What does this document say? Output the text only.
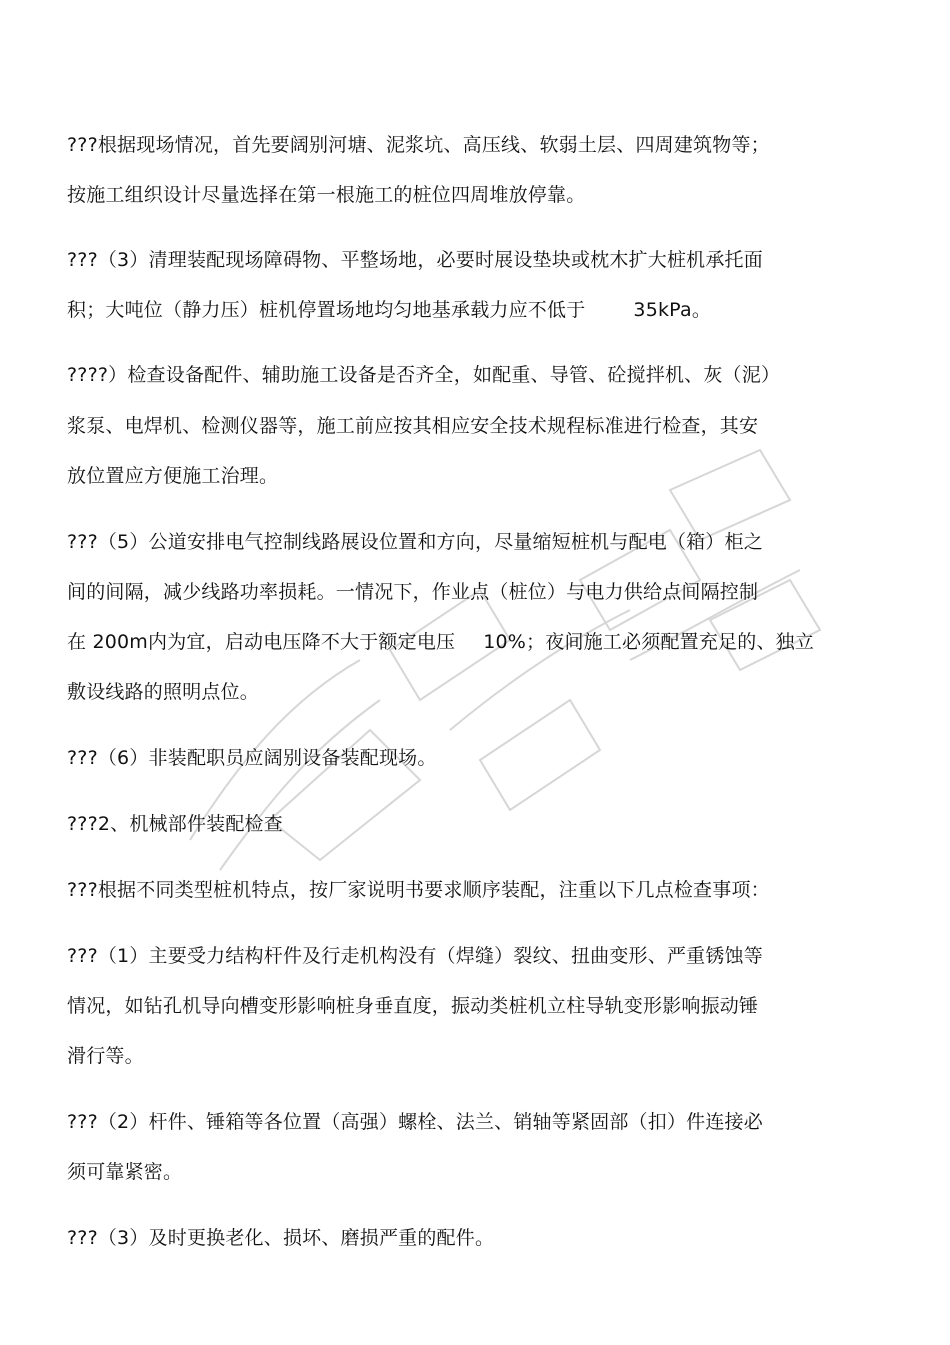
???根据现场情况，首先要阔别河塘、泥浆坑、高压线、软弱土层、四周建筑物等；
按施工组织设计尽量选择在第一根施工的桩位四周堆放停靠。
???（3）清理装配现场障碍物、平整场地，必要时展设垫块或枕木扩大桩机承托面
积；大吨位（静力压）桩机停置场地均匀地基承载力应不低于	35kPa。
????）检查设备配件、辅助施工设备是否齐全，如配重、导管、砼搅拌机、灰（泥）
浆泵、电焊机、检测仪器等，施工前应按其相应安全技术规程标准进行检查，其安
放位置应方便施工治理。
???（5）公道安排电气控制线路展设位置和方向，尽量缩短桩机与配电（箱）柜之
间的间隔，减少线路功率损耗。一情况下，作业点（桩位）与电力供给点间隔控制
在 200m内为宜，启动电压降不大于额定电压 10%；夜间施工必须配置充足的、独立
敷设线路的照明点位。
???（6）非装配职员应阔别设备装配现场。
???2、机械部件装配检查
???根据不同类型桩机特点，按厂家说明书要求顺序装配，注重以下几点检查事项：
???（1）主要受力结构杆件及行走机构没有（焊缝）裂纹、扭曲变形、严重锈蚀等
情况，如钻孔机导向槽变形影响桩身垂直度，振动类桩机立柱导轨变形影响振动锤
滑行等。
???（2）杆件、锤箱等各位置（高强）螺栓、法兰、销轴等紧固部（扣）件连接必
须可靠紧密。
???（3）及时更换老化、损坏、磨损严重的配件。
